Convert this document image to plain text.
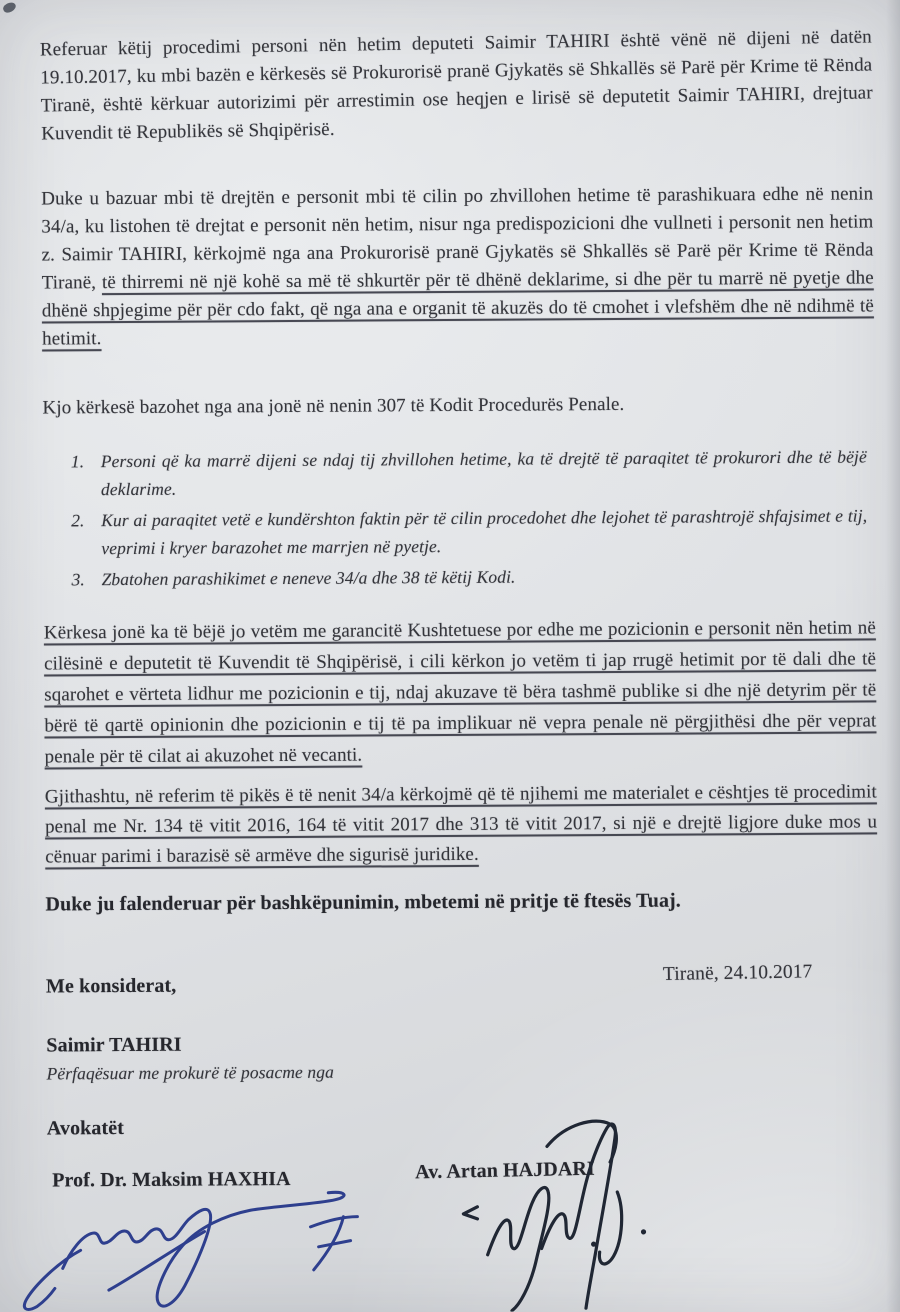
Referuar këtij procedimi personi nën hetim deputeti Saimir TAHIRI është vënë në dijeni në datën 19.10.2017, ku mbi bazën e kërkesës së Prokurorisë pranë Gjykatës së Shkallës së Parë për Krime të Rënda Tiranë, është kërkuar autorizimi për arrestimin ose heqjen e lirisë së deputetit Saimir TAHIRI, drejtuar Kuvendit të Republikës së Shqipërisë.

Duke u bazuar mbi të drejtën e personit mbi të cilin po zhvillohen hetime të parashikuara edhe në nenin 34/a, ku listohen të drejtat e personit nën hetim, nisur nga predispozicioni dhe vullneti i personit nen hetim z. Saimir TAHIRI, kërkojmë nga ana Prokurorisë pranë Gjykatës së Shkallës së Parë për Krime të Rënda Tiranë, të thirremi në një kohë sa më të shkurtër për të dhënë deklarime, si dhe për tu marrë në pyetje dhe dhënë shpjegime për për cdo fakt, që nga ana e organit të akuzës do të cmohet i vlefshëm dhe në ndihmë të hetimit.

Kjo kërkesë bazohet nga ana jonë në nenin 307 të Kodit Procedurës Penale.

1. Personi që ka marrë dijeni se ndaj tij zhvillohen hetime, ka të drejtë të paraqitet të prokurori dhe të bëjë deklarime.
2. Kur ai paraqitet vetë e kundërshton faktin për të cilin procedohet dhe lejohet të parashtrojë shfajsimet e tij, veprimi i kryer barazohet me marrjen në pyetje.
3. Zbatohen parashikimet e neneve 34/a dhe 38 të këtij Kodi.

Kërkesa jonë ka të bëjë jo vetëm me garancitë Kushtetuese por edhe me pozicionin e personit nën hetim në cilësinë e deputetit të Kuvendit të Shqipërisë, i cili kërkon jo vetëm ti jap rrugë hetimit por të dali dhe të sqarohet e vërteta lidhur me pozicionin e tij, ndaj akuzave të bëra tashmë publike si dhe një detyrim për të bërë të qartë opinionin dhe pozicionin e tij të pa implikuar në vepra penale në përgjithësi dhe për veprat penale për të cilat ai akuzohet në vecanti.

Gjithashtu, në referim të pikës ë të nenit 34/a kërkojmë që të njihemi me materialet e cështjes të procedimit penal me Nr. 134 të vitit 2016, 164 të vitit 2017 dhe 313 të vitit 2017, si një e drejtë ligjore duke mos u cënuar parimi i barazisë së armëve dhe sigurisë juridike.

Duke ju falenderuar për bashkëpunimin, mbetemi në pritje të ftesës Tuaj.

Me konsiderat,

Tiranë, 24.10.2017

Saimir TAHIRI

Përfaqësuar me prokurë të posacme nga

Avokatët

Prof. Dr. Maksim HAXHIA	Av. Artan HAJDARI
